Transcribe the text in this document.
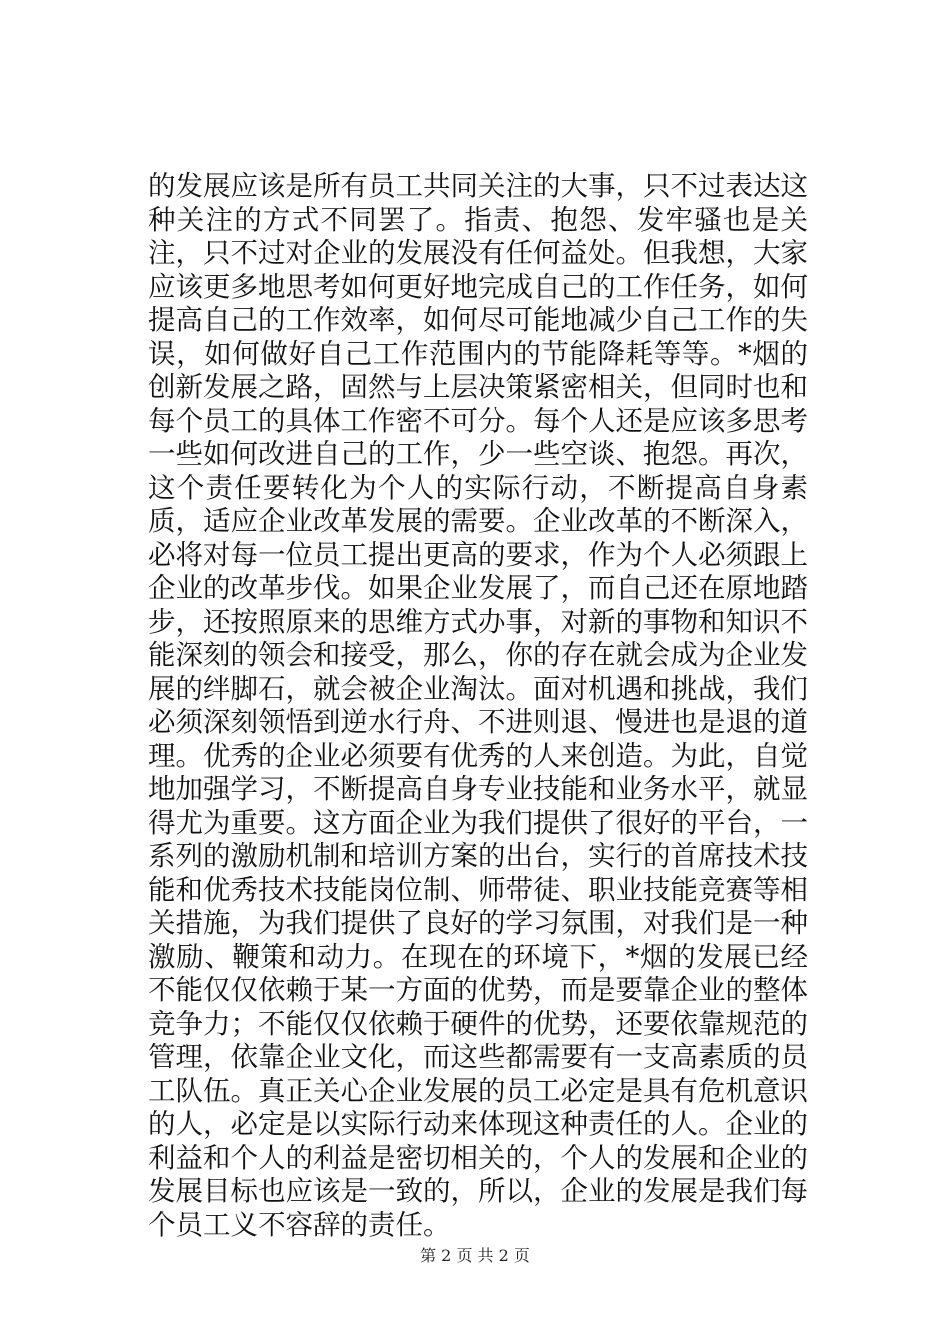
的发展应该是所有员工共同关注的大事，只不过表达这种关注的方式不同罢了。指责、抱怨、发牢骚也是关注，只不过对企业的发展没有任何益处。但我想，大家应该更多地思考如何更好地完成自己的工作任务，如何提高自己的工作效率，如何尽可能地减少自己工作的失误，如何做好自己工作范围内的节能降耗等等。*烟的创新发展之路，固然与上层决策紧密相关，但同时也和每个员工的具体工作密不可分。每个人还是应该多思考一些如何改进自己的工作，少一些空谈、抱怨。再次，这个责任要转化为个人的实际行动，不断提高自身素质，适应企业改革发展的需要。企业改革的不断深入，必将对每一位员工提出更高的要求，作为个人必须跟上企业的改革步伐。如果企业发展了，而自己还在原地踏步，还按照原来的思维方式办事，对新的事物和知识不能深刻的领会和接受，那么，你的存在就会成为企业发展的绊脚石，就会被企业淘汰。面对机遇和挑战，我们必须深刻领悟到逆水行舟、不进则退、慢进也是退的道理。优秀的企业必须要有优秀的人来创造。为此，自觉地加强学习，不断提高自身专业技能和业务水平，就显得尤为重要。这方面企业为我们提供了很好的平台，一系列的激励机制和培训方案的出台，实行的首席技术技能和优秀技术技能岗位制、师带徒、职业技能竞赛等相关措施，为我们提供了良好的学习氛围，对我们是一种激励、鞭策和动力。在现在的环境下，*烟的发展已经不能仅仅依赖于某一方面的优势，而是要靠企业的整体竞争力；不能仅仅依赖于硬件的优势，还要依靠规范的管理，依靠企业文化，而这些都需要有一支高素质的员工队伍。真正关心企业发展的员工必定是具有危机意识的人，必定是以实际行动来体现这种责任的人。企业的利益和个人的利益是密切相关的，个人的发展和企业的发展目标也应该是一致的，所以，企业的发展是我们每个员工义不容辞的责任。

第 2 页 共 2 页
